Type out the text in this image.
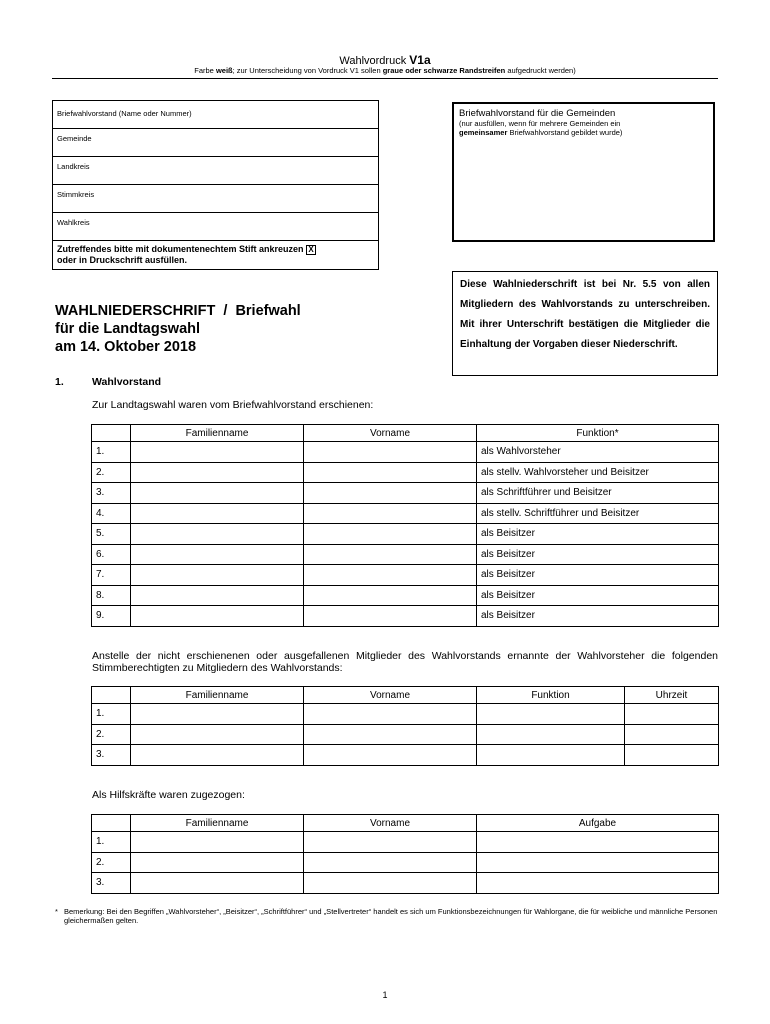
Wahlvordruck V1a
Farbe weiß; zur Unterscheidung von Vordruck V1 sollen graue oder schwarze Randstreifen aufgedruckt werden)
Briefwahlvorstand (Name oder Nummer)
Gemeinde
Landkreis
Stimmkreis
Wahlkreis
Zutreffendes bitte mit dokumentenechtem Stift ankreuzen X
oder in Druckschrift ausfüllen.
Briefwahlvorstand für die Gemeinden
(nur ausfüllen, wenn für mehrere Gemeinden ein
gemeinsamer Briefwahlvorstand gebildet wurde)
Diese Wahlniederschrift ist bei Nr. 5.5 von allen Mitgliedern des Wahlvorstands zu unterschreiben. Mit ihrer Unterschrift bestätigen die Mitglieder die Einhaltung der Vorgaben dieser Niederschrift.
WAHLNIEDERSCHRIFT  /  Briefwahl
für die Landtagswahl
am 14. Oktober 2018
1.	Wahlvorstand
Zur Landtagswahl waren vom Briefwahlvorstand erschienen:
	Familienname	Vorname	Funktion*
1.			als Wahlvorsteher
2.			als stellv. Wahlvorsteher und Beisitzer
3.			als Schriftführer und Beisitzer
4.			als stellv. Schriftführer und Beisitzer
5.			als Beisitzer
6.			als Beisitzer
7.			als Beisitzer
8.			als Beisitzer
9.			als Beisitzer
Anstelle der nicht erschienenen oder ausgefallenen Mitglieder des Wahlvorstands ernannte der Wahlvorsteher die folgenden Stimmberechtigten zu Mitgliedern des Wahlvorstands:
	Familienname	Vorname	Funktion	Uhrzeit
1.				
2.				
3.				
Als Hilfskräfte waren zugezogen:
	Familienname	Vorname	Aufgabe
1.			
2.			
3.			
* Bemerkung: Bei den Begriffen „Wahlvorsteher“, „Beisitzer“, „Schriftführer“ und „Stellvertreter“ handelt es sich um Funktionsbezeichnungen für Wahlorgane, die für weibliche und männliche Personen gleichermaßen gelten.
1
